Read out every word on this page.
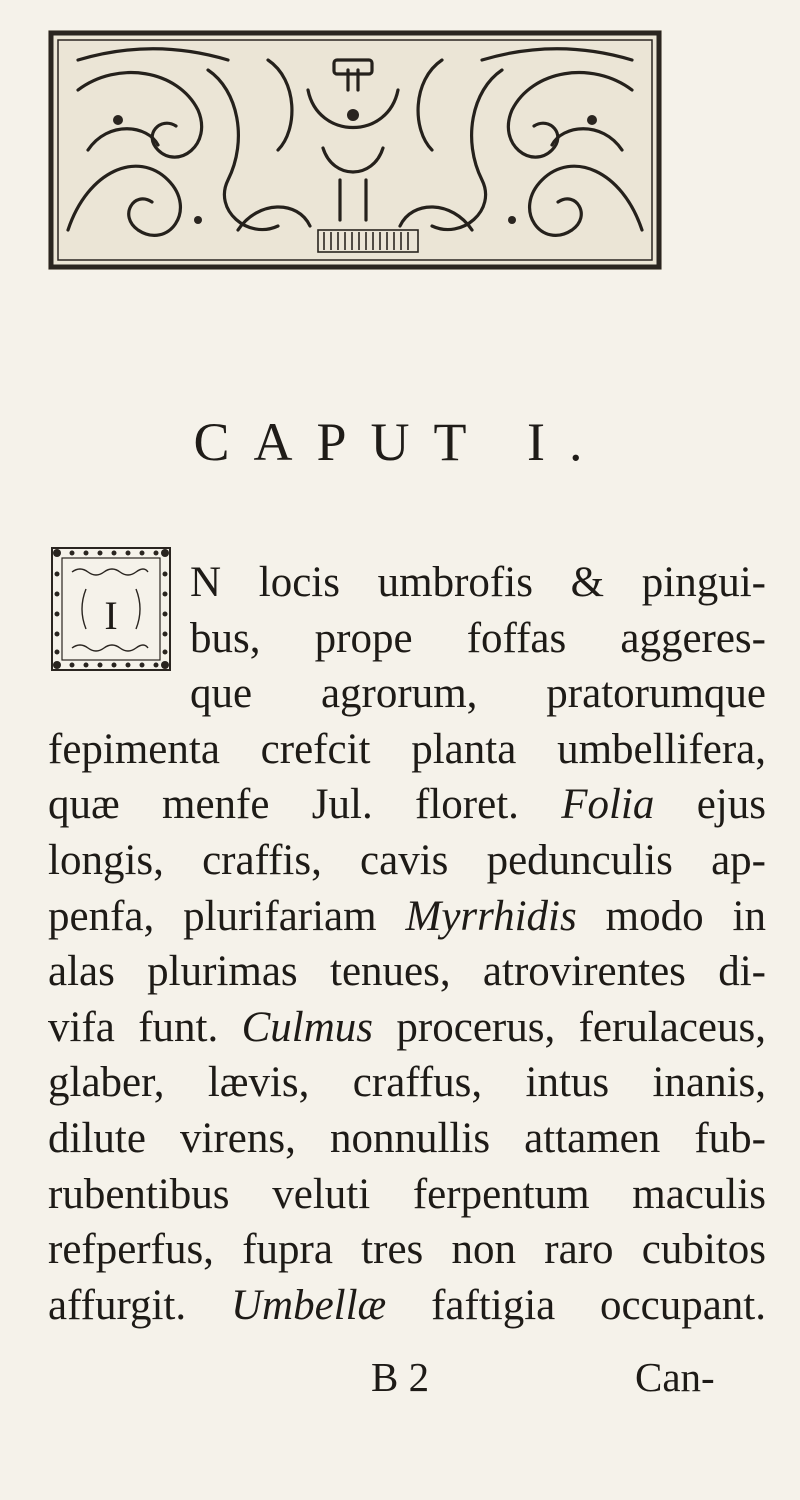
CAPUT I.
I
N locis umbrofis & pingui-
bus, prope foffas aggeres-
que agrorum, pratorumque
fepimenta crefcit planta umbellifera,
quæ menfe Jul. floret. Folia ejus
longis, craffis, cavis pedunculis ap-
penfa, plurifariam Myrrhidis modo in
alas plurimas tenues, atrovirentes di-
vifa funt. Culmus procerus, ferulaceus,
glaber, lævis, craffus, intus inanis,
dilute virens, nonnullis attamen fub-
rubentibus veluti ferpentum maculis
refperfus, fupra tres non raro cubitos
affurgit. Umbellæ faftigia occupant.
B 2	Can-
